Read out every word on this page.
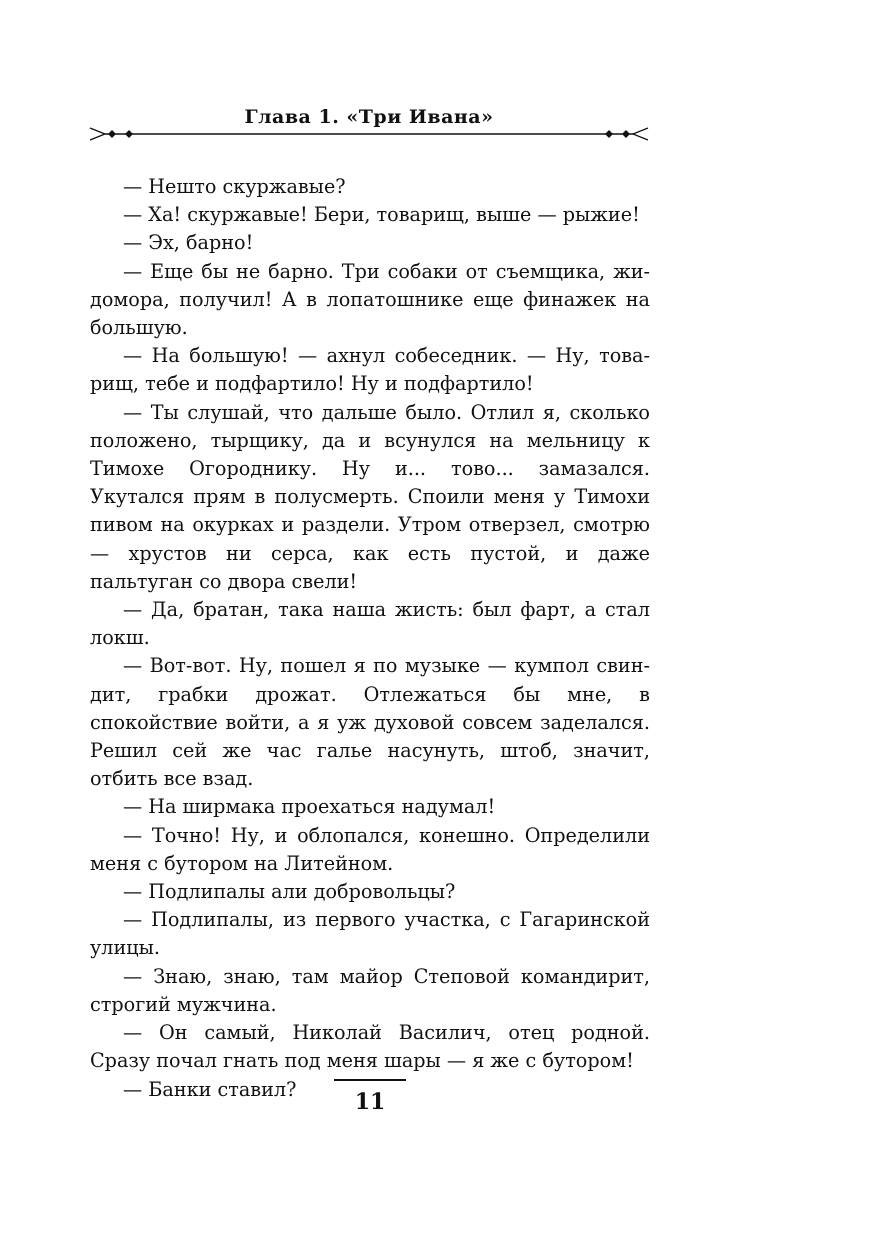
Глава 1. «Три Ивана»

— Нешто скуржавые?

— Ха! скуржавые! Бери, товарищ, выше — рыжие!

— Эх, барно!

— Еще бы не барно. Три собаки от съемщика, жидомора, получил! А в лопатошнике еще финажек на большую.

— На большую! — ахнул собеседник. — Ну, товарищ, тебе и подфартило! Ну и подфартило!

— Ты слушай, что дальше было. Отлил я, сколько положено, тырщику, да и всунулся на мельницу к Тимохе Огороднику. Ну и... тово... замазался. Укутался прям в полусмерть. Споили меня у Тимохи пивом на окурках и раздели. Утром отверзел, смотрю — хрустов ни серса, как есть пустой, и даже пальтуган со двора свели!

— Да, братан, така наша жисть: был фарт, а стал локш.

— Вот-вот. Ну, пошел я по музыке — кумпол свиндит, грабки дрожат. Отлежаться бы мне, в спокойствие войти, а я уж духовой совсем заделался. Решил сей же час галье насунуть, штоб, значит, отбить все взад.

— На ширмака проехаться надумал!

— Точно! Ну, и облопался, конешно. Определили меня с бутором на Литейном.

— Подлипалы али добровольцы?

— Подлипалы, из первого участка, с Гагаринской улицы.

— Знаю, знаю, там майор Степовой командирит, строгий мужчина.

— Он самый, Николай Василич, отец родной. Сразу почал гнать под меня шары — я же с бутором!

— Банки ставил?	11
